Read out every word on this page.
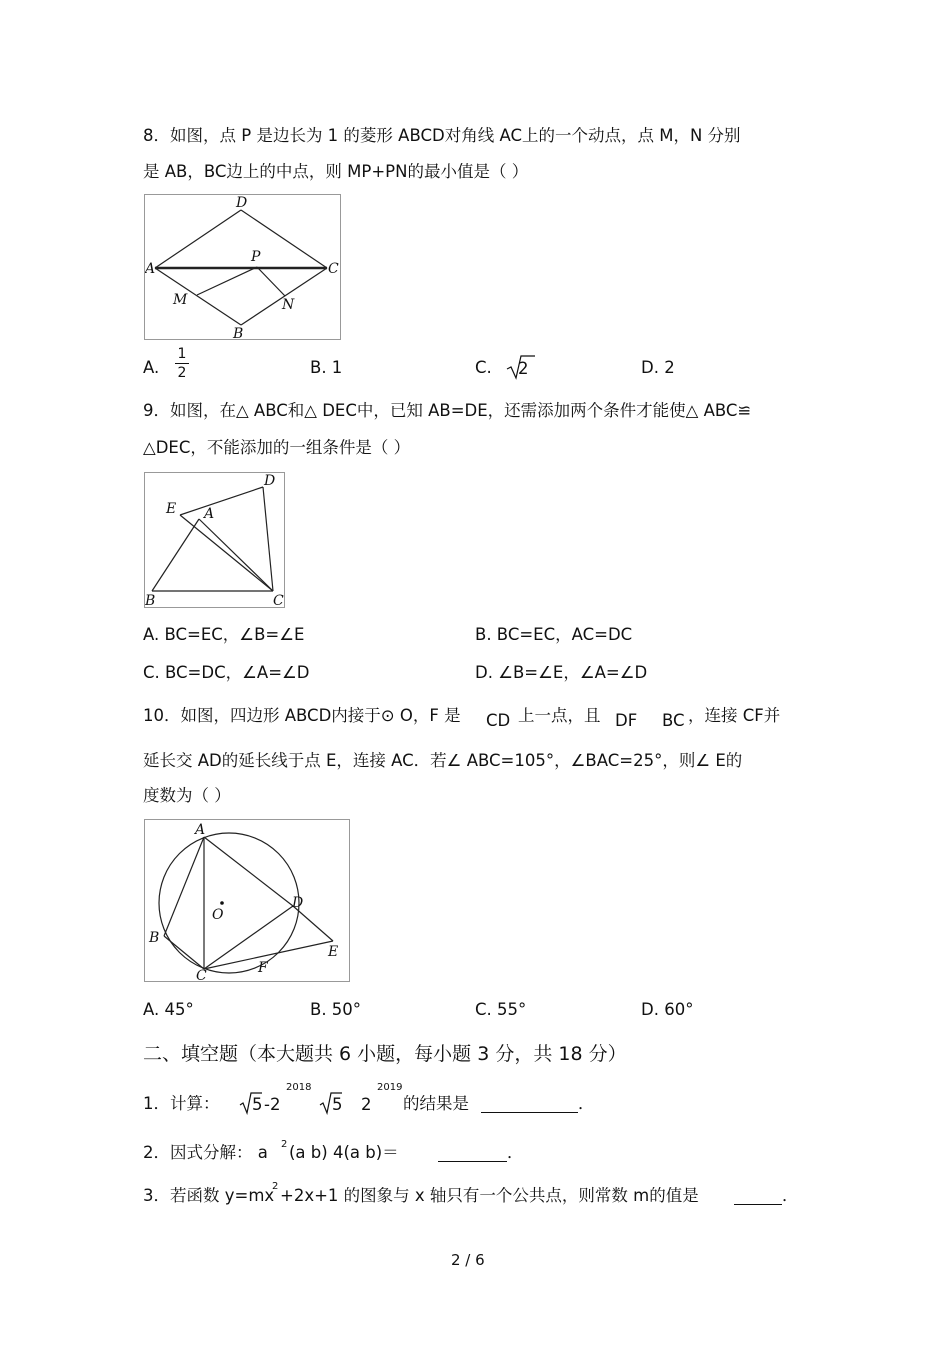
8．如图，点 P 是边长为 1 的菱形 ABCD对角线 AC上的一个动点，点 M，N 分别
是 AB，BC边上的中点，则 MP+PN的最小值是（ ）
D
A
P
C
M	N
B
A.
1
2	B. 1	C. 2	D. 2
9．如图，在△ ABC和△ DEC中，已知 AB=DE，还需添加两个条件才能使△ ABC≌
△DEC，不能添加的一组条件是（ ）
D
E A
B	C
A. BC=EC，∠B=∠E	B. BC=EC，AC=DC
C. BC=DC，∠A=∠D	D. ∠B=∠E，∠A=∠D
10．如图，四边形 ABCD内接于⊙ O，F 是 CD 上一点，且 DF BC ，连接 CF并
延长交 AD的延长线于点 E，连接 AC．若∠ ABC=105°，∠BAC=25°，则∠ E的
度数为（ ）
A
O
D
B
E
C	F
A. 45°	B. 50°	C. 55°	D. 60°
二、填空题（本大题共 6 小题，每小题 3 分，共 18 分）
1．计算： 5 -2
2018
5 2
2019
的结果是	．
2．因式分解： a 2 (a b) 4(a b)＝	．
3．若函数 y=mx
2 +2x+1 的图象与 x 轴只有一个公共点，则常数 m的值是	．
2 / 6
